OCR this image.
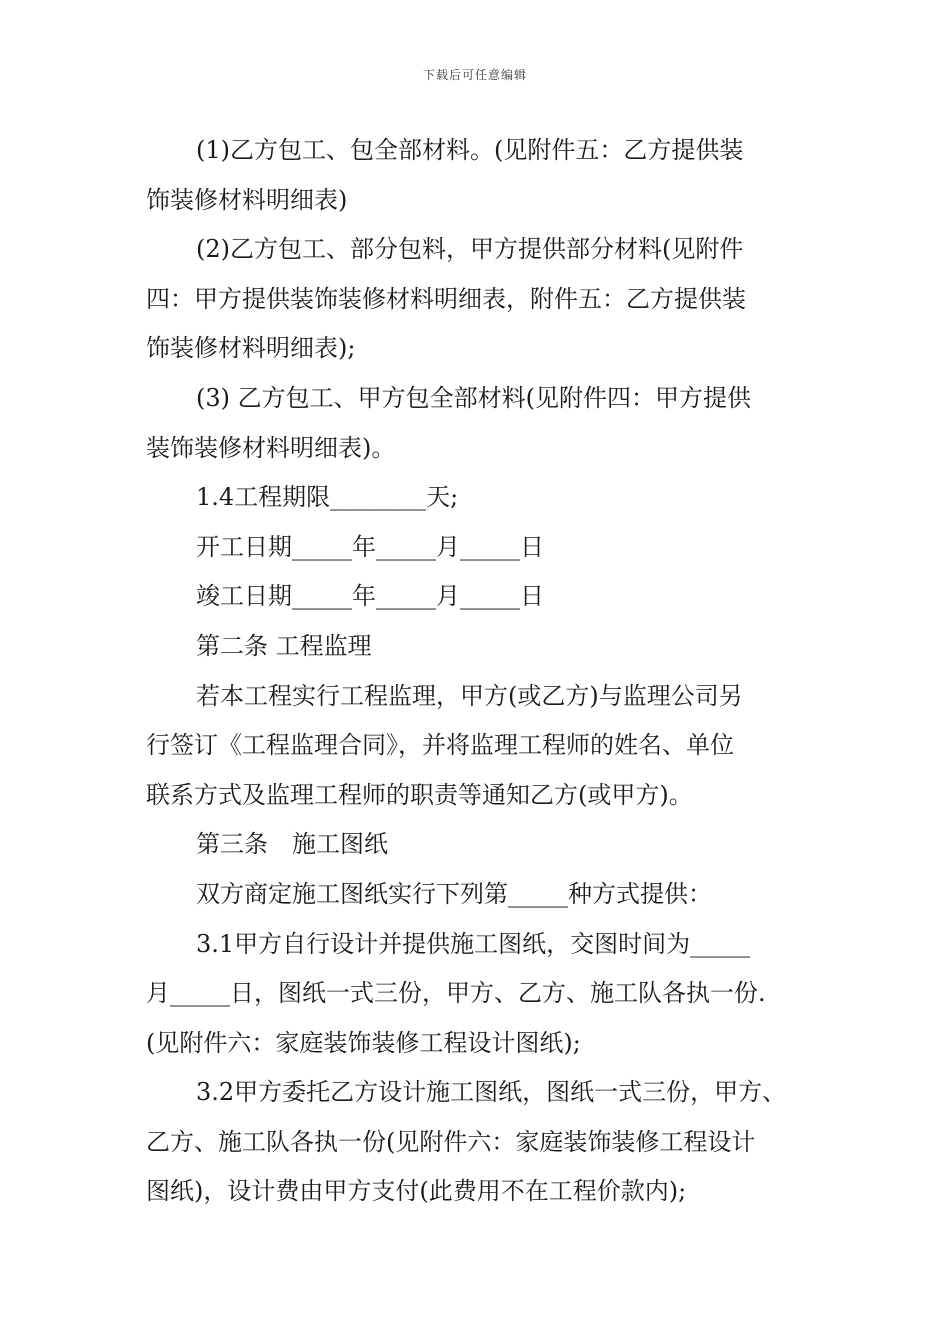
下载后可任意编辑
(1)乙方包工、包全部材料。(见附件五：乙方提供装
饰装修材料明细表)
(2)乙方包工、部分包料，甲方提供部分材料(见附件
四：甲方提供装饰装修材料明细表，附件五：乙方提供装
饰装修材料明细表);
(3) 乙方包工、甲方包全部材料(见附件四：甲方提供
装饰装修材料明细表)。
1.4工程期限________天;
开工日期_____年_____月_____日
竣工日期_____年_____月_____日
第二条 工程监理
若本工程实行工程监理，甲方(或乙方)与监理公司另
行签订《工程监理合同》，并将监理工程师的姓名、单位
联系方式及监理工程师的职责等通知乙方(或甲方)。
第三条　施工图纸
双方商定施工图纸实行下列第_____种方式提供：
3.1甲方自行设计并提供施工图纸，交图时间为_____
月_____日，图纸一式三份，甲方、乙方、施工队各执一份.
(见附件六：家庭装饰装修工程设计图纸);
3.2甲方委托乙方设计施工图纸，图纸一式三份，甲方、
乙方、施工队各执一份(见附件六：家庭装饰装修工程设计
图纸)，设计费由甲方支付(此费用不在工程价款内);
